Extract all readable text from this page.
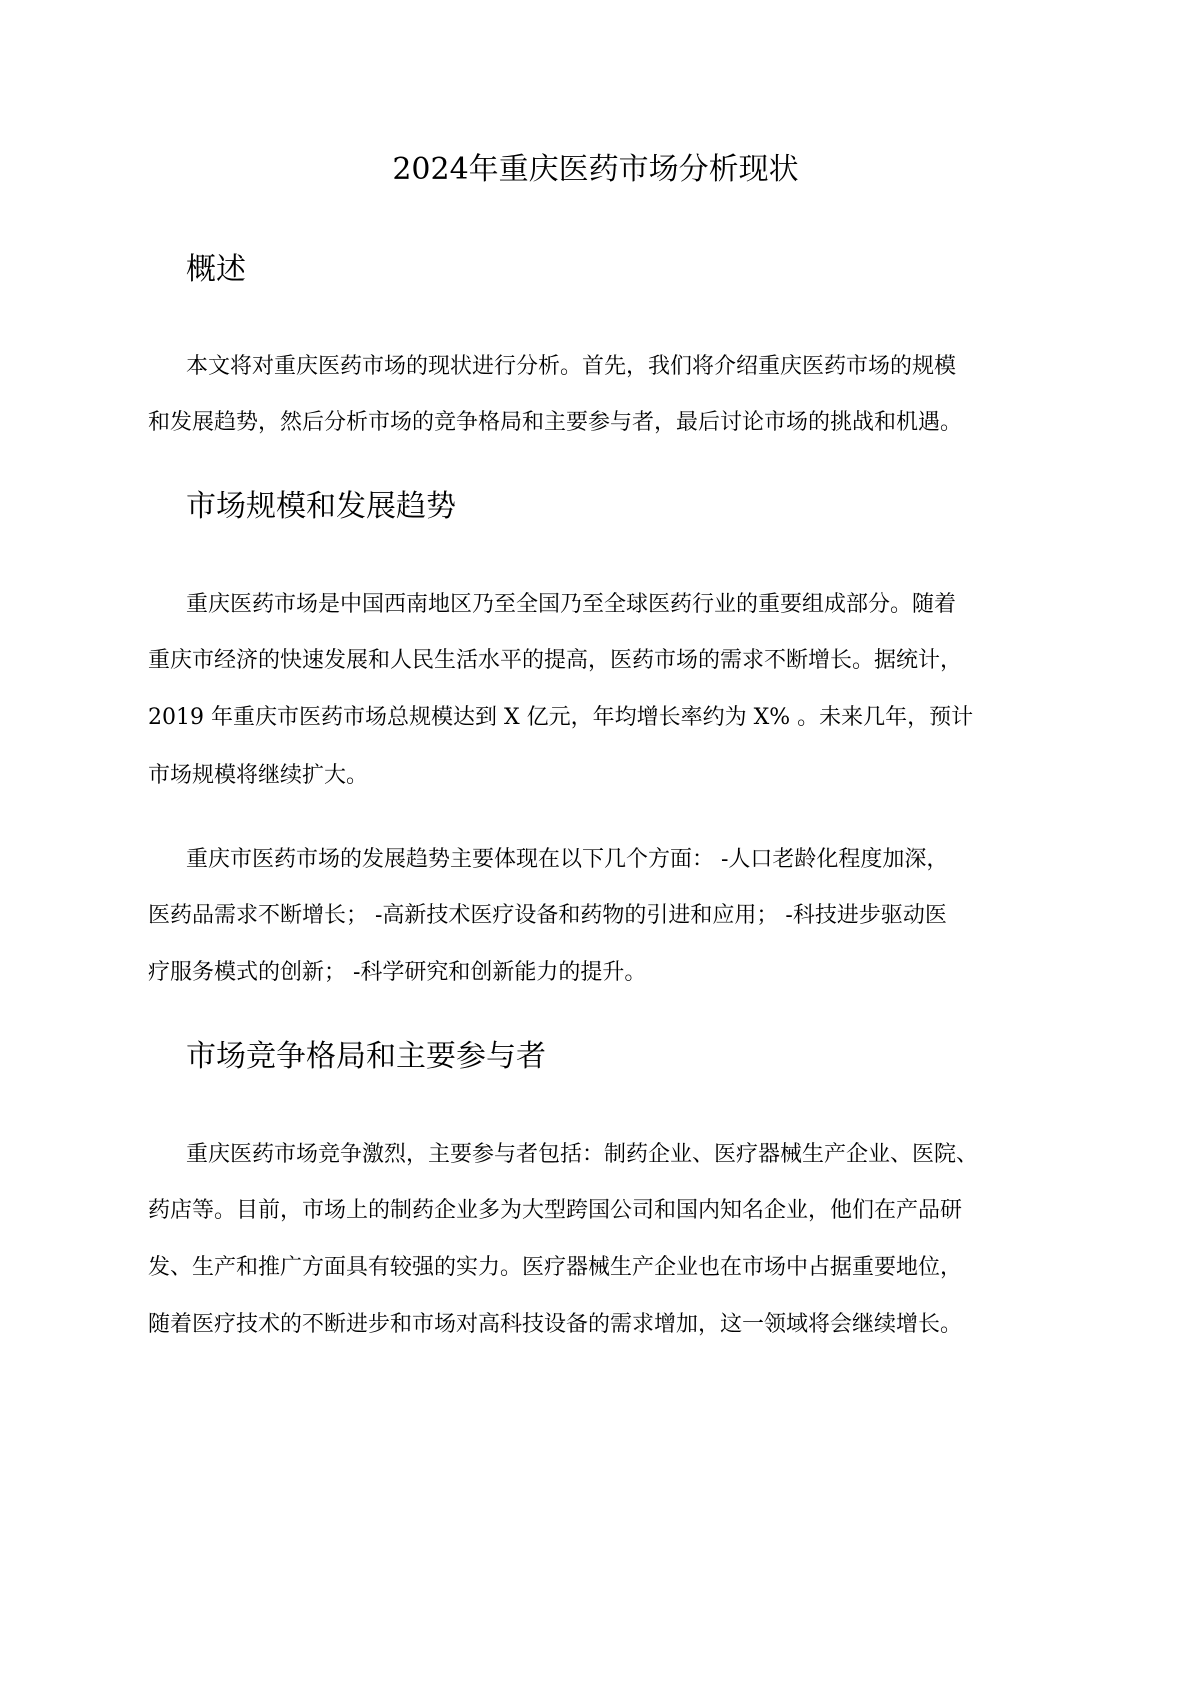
2024年重庆医药市场分析现状
概述
本文将对重庆医药市场的现状进行分析。首先，我们将介绍重庆医药市场的规模
和发展趋势，然后分析市场的竞争格局和主要参与者，最后讨论市场的挑战和机遇。
市场规模和发展趋势
重庆医药市场是中国西南地区乃至全国乃至全球医药行业的重要组成部分。随着
重庆市经济的快速发展和人民生活水平的提高，医药市场的需求不断增长。据统计，
2019 年重庆市医药市场总规模达到 X 亿元，年均增长率约为 X% 。未来几年，预计
市场规模将继续扩大。
重庆市医药市场的发展趋势主要体现在以下几个方面： -人口老龄化程度加深，
医药品需求不断增长； -高新技术医疗设备和药物的引进和应用； -科技进步驱动医
疗服务模式的创新； -科学研究和创新能力的提升。
市场竞争格局和主要参与者
重庆医药市场竞争激烈，主要参与者包括：制药企业、医疗器械生产企业、医院、
药店等。目前，市场上的制药企业多为大型跨国公司和国内知名企业，他们在产品研
发、生产和推广方面具有较强的实力。医疗器械生产企业也在市场中占据重要地位，
随着医疗技术的不断进步和市场对高科技设备的需求增加，这一领域将会继续增长。
